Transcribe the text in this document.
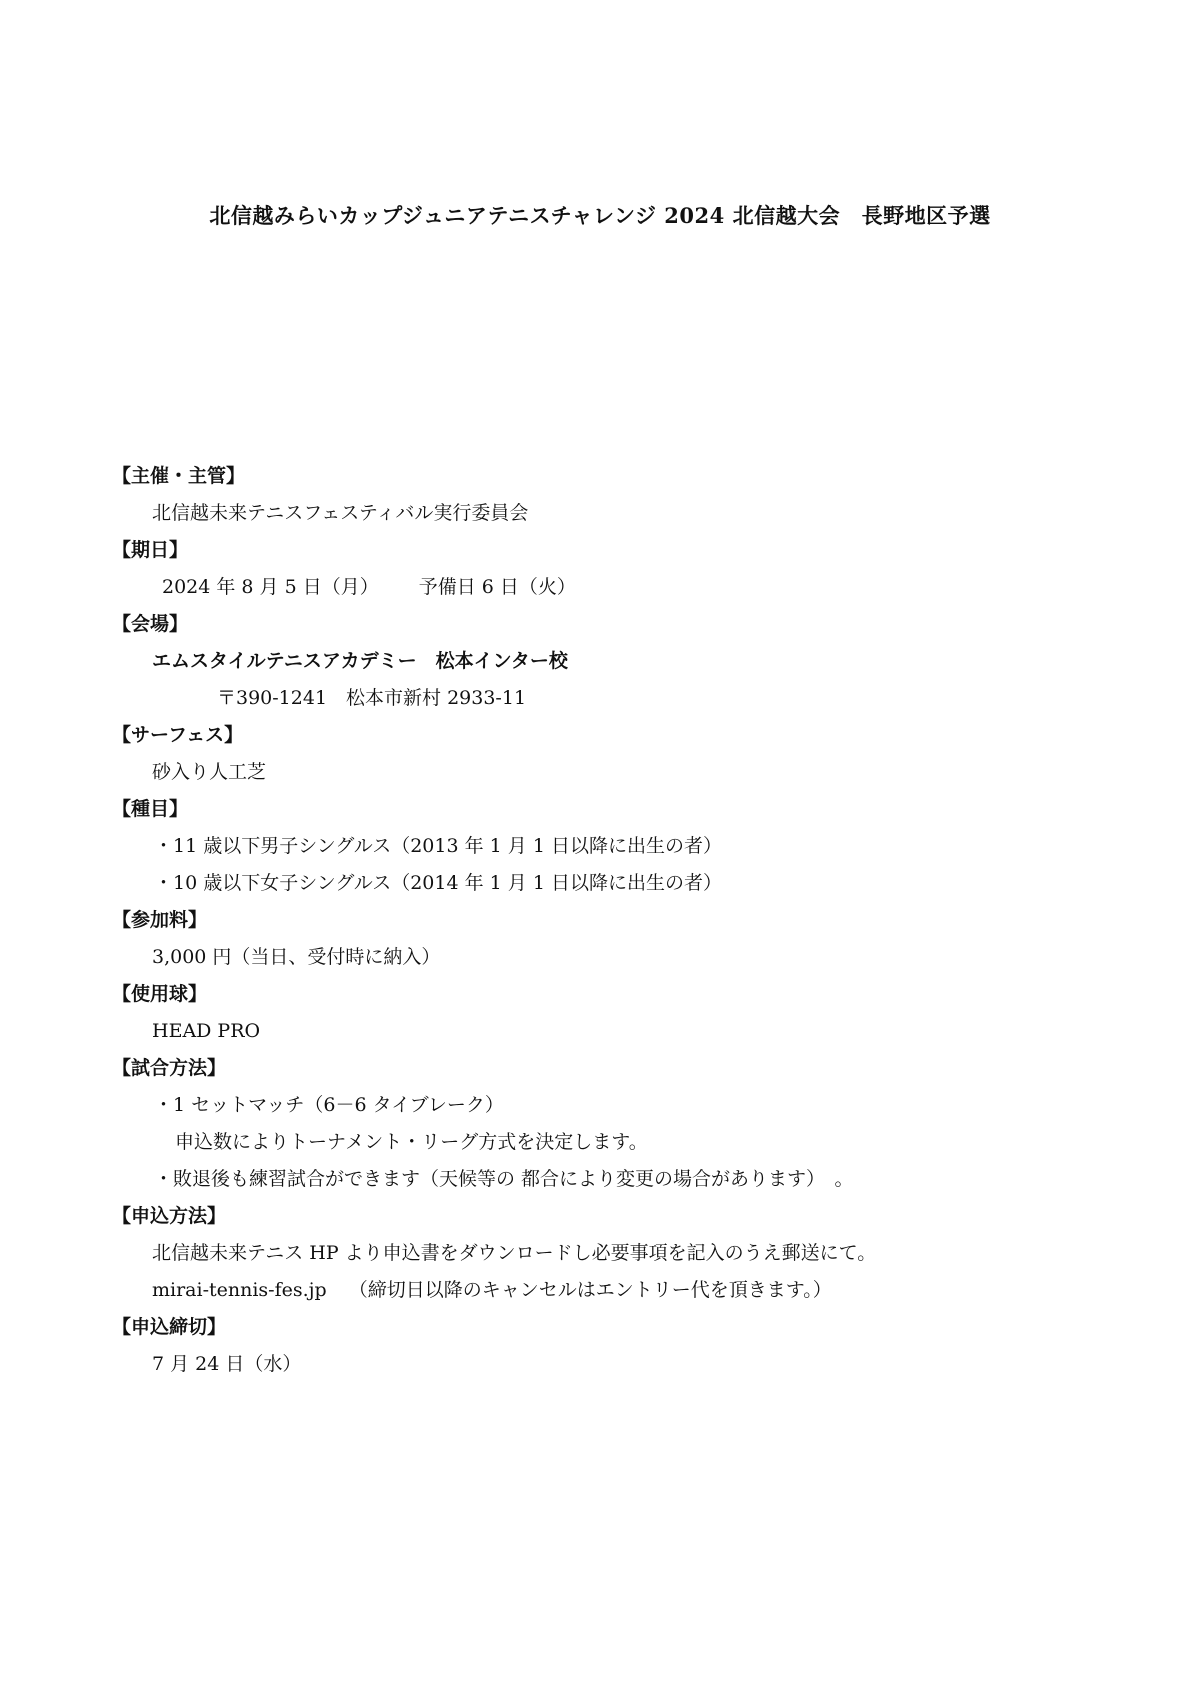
北信越みらいカップジュニアテニスチャレンジ 2024 北信越大会　長野地区予選
【主催・主管】
北信越未来テニスフェスティバル実行委員会
【期日】
2024 年 8 月 5 日（月） 予備日 6 日（火）
【会場】
エムスタイルテニスアカデミー　松本インター校
〒390-1241　松本市新村 2933-11
【サーフェス】
砂入り人工芝
【種目】
・11 歳以下男子シングルス（2013 年 1 月 1 日以降に出生の者）
・10 歳以下女子シングルス（2014 年 1 月 1 日以降に出生の者）
【参加料】
3,000 円（当日、受付時に納入）
【使用球】
HEAD PRO
【試合方法】
・1 セットマッチ（6－6 タイブレーク）
申込数によりトーナメント・リーグ方式を決定します。
・敗退後も練習試合ができます（天候等の 都合により変更の場合があります）　。
【申込方法】
北信越未来テニス HP より申込書をダウンロードし必要事項を記入のうえ郵送にて。
mirai-tennis-fes.jp （締切日以降のキャンセルはエントリー代を頂きます。）
【申込締切】
7 月 24 日（水）
